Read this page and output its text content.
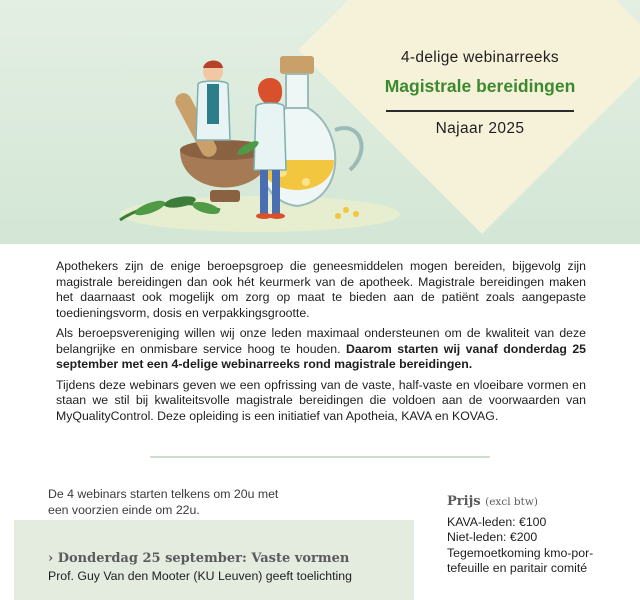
4-delige webinarreeks
Magistrale bereidingen
Najaar 2025

Apothekers zijn de enige beroepsgroep die geneesmiddelen mogen bereiden, bijgevolg zijn magistrale bereidingen dan ook hét keurmerk van de apotheek. Magistrale bereidingen maken het daarnaast ook mogelijk om zorg op maat te bieden aan de patiënt zoals aangepaste toedieningsvorm, dosis en verpakkingsgrootte.

Als beroepsvereniging willen wij onze leden maximaal ondersteunen om de kwaliteit van deze belangrijke en onmisbare service hoog te houden. Daarom starten wij vanaf donderdag 25 september met een 4-delige webinarreeks rond magistrale bereidingen.

Tijdens deze webinars geven we een opfrissing van de vaste, half-vaste en vloeibare vormen en staan we stil bij kwaliteitsvolle magistrale bereidingen die voldoen aan de voorwaarden van MyQualityControl. Deze opleiding is een initiatief van Apotheia, KAVA en KOVAG.

De 4 webinars starten telkens om 20u met een voorzien einde om 22u.
› Donderdag 25 september: Vaste vormen
Prof. Guy Van den Mooter (KU Leuven) geeft toelichting
Prijs (excl btw)
KAVA-leden: €100
Niet-leden: €200
Tegemoetkoming kmo-por-
tefeuille en paritair comité
